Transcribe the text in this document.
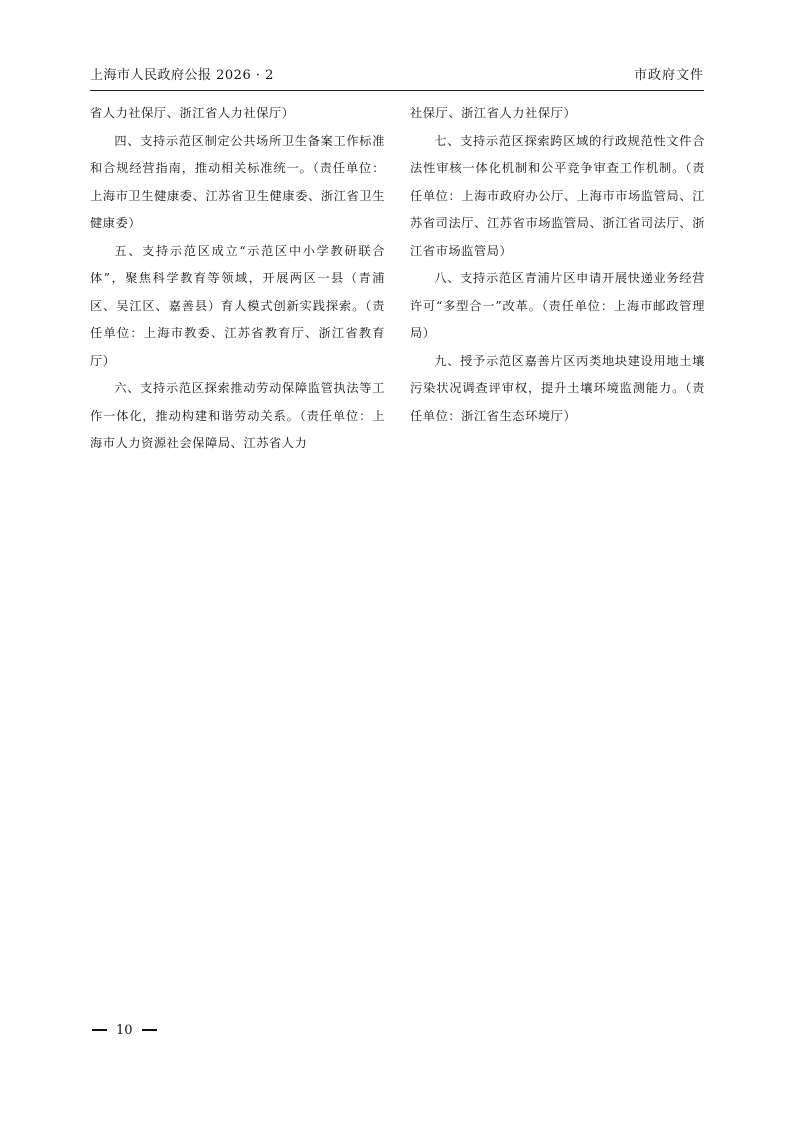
上海市人民政府公报 2026 · 2	市政府文件

省人力社保厅、浙江省人力社保厅）

四、支持示范区制定公共场所卫生备案工作标准和合规经营指南，推动相关标准统一。（责任单位：上海市卫生健康委、江苏省卫生健康委、浙江省卫生健康委）

五、支持示范区成立“示范区中小学教研联合体”，聚焦科学教育等领域，开展两区一县（青浦区、吴江区、嘉善县）育人模式创新实践探索。（责任单位：上海市教委、江苏省教育厅、浙江省教育厅）

六、支持示范区探索推动劳动保障监管执法等工作一体化，推动构建和谐劳动关系。（责任单位：上海市人力资源社会保障局、江苏省人力

社保厅、浙江省人力社保厅）

七、支持示范区探索跨区域的行政规范性文件合法性审核一体化机制和公平竞争审查工作机制。（责任单位：上海市政府办公厅、上海市市场监管局、江苏省司法厅、江苏省市场监管局、浙江省司法厅、浙江省市场监管局）

八、支持示范区青浦片区申请开展快递业务经营许可“多型合一”改革。（责任单位：上海市邮政管理局）

九、授予示范区嘉善片区丙类地块建设用地土壤污染状况调查评审权，提升土壤环境监测能力。（责任单位：浙江省生态环境厅）

10
